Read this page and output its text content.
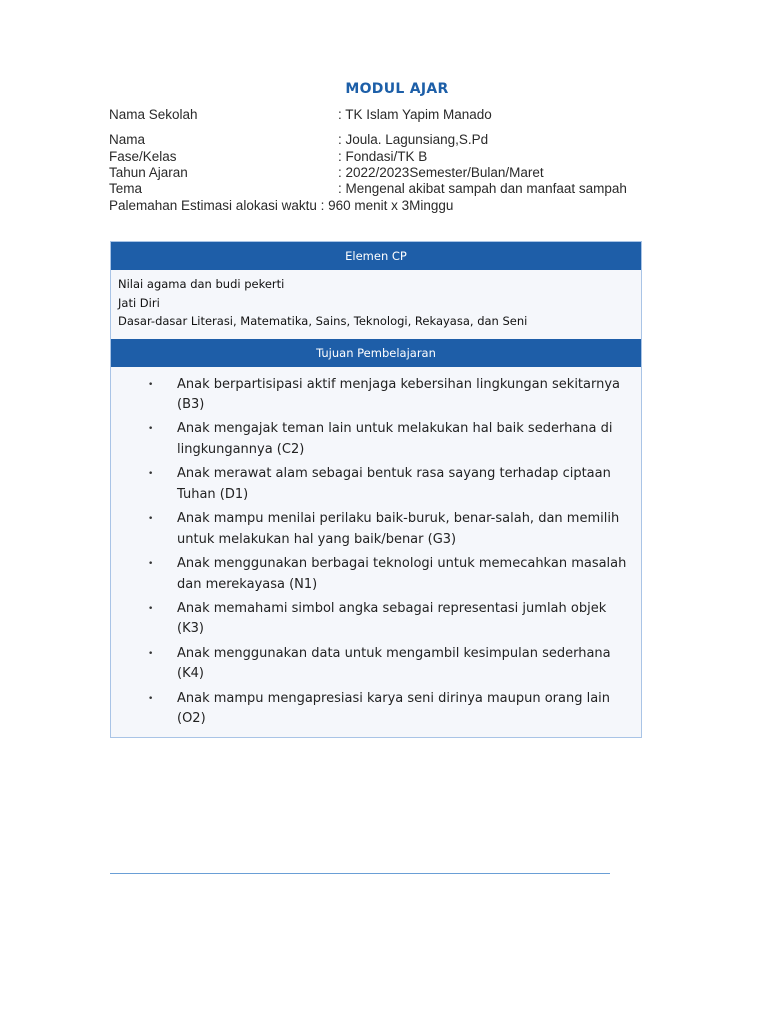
MODUL AJAR
Nama Sekolah	: TK Islam Yapim Manado
Nama	: Joula. Lagunsiang,S.Pd
Fase/Kelas	: Fondasi/TK B
Tahun Ajaran	: 2022/2023Semester/Bulan/Maret
Tema	: Mengenal akibat sampah dan manfaat sampah
Palemahan Estimasi alokasi waktu : 960 menit x 3Minggu
Elemen CP
Nilai agama dan budi pekerti
Jati Diri
Dasar-dasar Literasi, Matematika, Sains, Teknologi, Rekayasa, dan Seni
Tujuan Pembelajaran
• Anak berpartisipasi aktif menjaga kebersihan lingkungan sekitarnya (B3)
• Anak mengajak teman lain untuk melakukan hal baik sederhana di lingkungannya (C2)
• Anak merawat alam sebagai bentuk rasa sayang terhadap ciptaan Tuhan (D1)
• Anak mampu menilai perilaku baik-buruk, benar-salah, dan memilih untuk melakukan hal yang baik/benar (G3)
• Anak menggunakan berbagai teknologi untuk memecahkan masalah dan merekayasa (N1)
• Anak memahami simbol angka sebagai representasi jumlah objek (K3)
• Anak menggunakan data untuk mengambil kesimpulan sederhana (K4)
• Anak mampu mengapresiasi karya seni dirinya maupun orang lain (O2)
